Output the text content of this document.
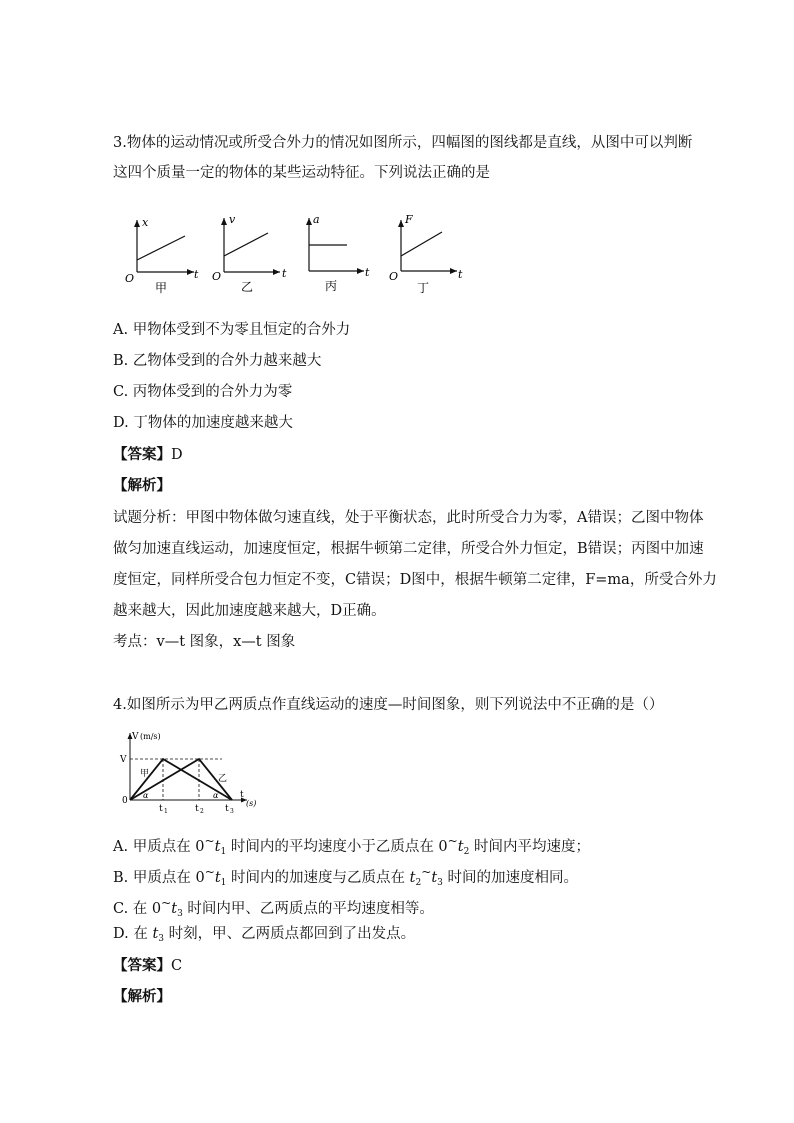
3.物体的运动情况或所受合外力的情况如图所示，四幅图的图线都是直线，从图中可以判断
这四个质量一定的物体的某些运动特征。下列说法正确的是
x
t
O
甲
v
t
O
乙
a
t
丙
F
t
O
丁
A. 甲物体受到不为零且恒定的合外力
B. 乙物体受到的合外力越来越大
C. 丙物体受到的合外力为零
D. 丁物体的加速度越来越大
【答案】D
【解析】
试题分析：甲图中物体做匀速直线，处于平衡状态，此时所受合力为零，A错误；乙图中物体
做匀加速直线运动，加速度恒定，根据牛顿第二定律，所受合外力恒定，B错误；丙图中加速
度恒定，同样所受合包力恒定不变，C错误；D图中，根据牛顿第二定律，F=ma，所受合外力
越来越大，因此加速度越来越大，D正确。
考点：v—t 图象，x—t 图象
4.如图所示为甲乙两质点作直线运动的速度—时间图象，则下列说法中不正确的是（）
V (m/s)
V
0
甲	乙
α	α t
(s)
t 1	t 2 t 3
A. 甲质点在 $0^\sim t_1$ 时间内的平均速度小于乙质点在 $0^\sim t_2$ 时间内平均速度；
B. 甲质点在 $0^\sim t_1$ 时间内的加速度与乙质点在 $t_2^\sim t_3$ 时间的加速度相同。
C. 在 $0^\sim t_3$ 时间内甲、乙两质点的平均速度相等。
D. 在 $t_3$ 时刻，甲、乙两质点都回到了出发点。
【答案】C
【解析】
